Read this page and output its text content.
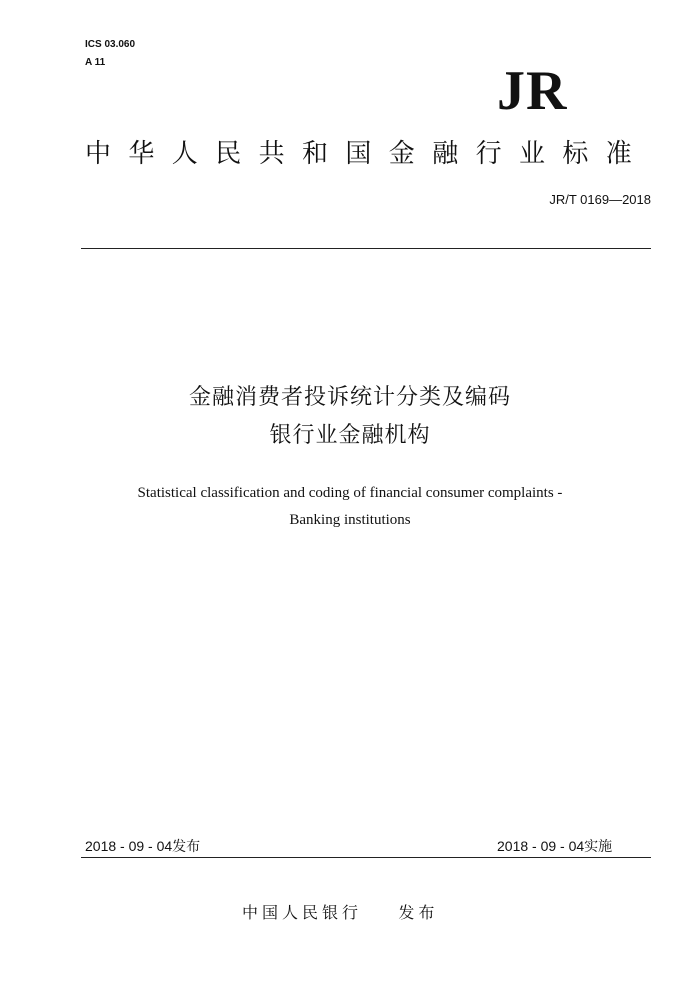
ICS 03.060
A 11	JR
中华人民共和国金融行业标准
JR/T 0169—2018
金融消费者投诉统计分类及编码
银行业金融机构
Statistical classification and coding of financial consumer complaints -
Banking institutions
2018 - 09 - 04发布	2018 - 09 - 04实施
中国人民银行    发布
